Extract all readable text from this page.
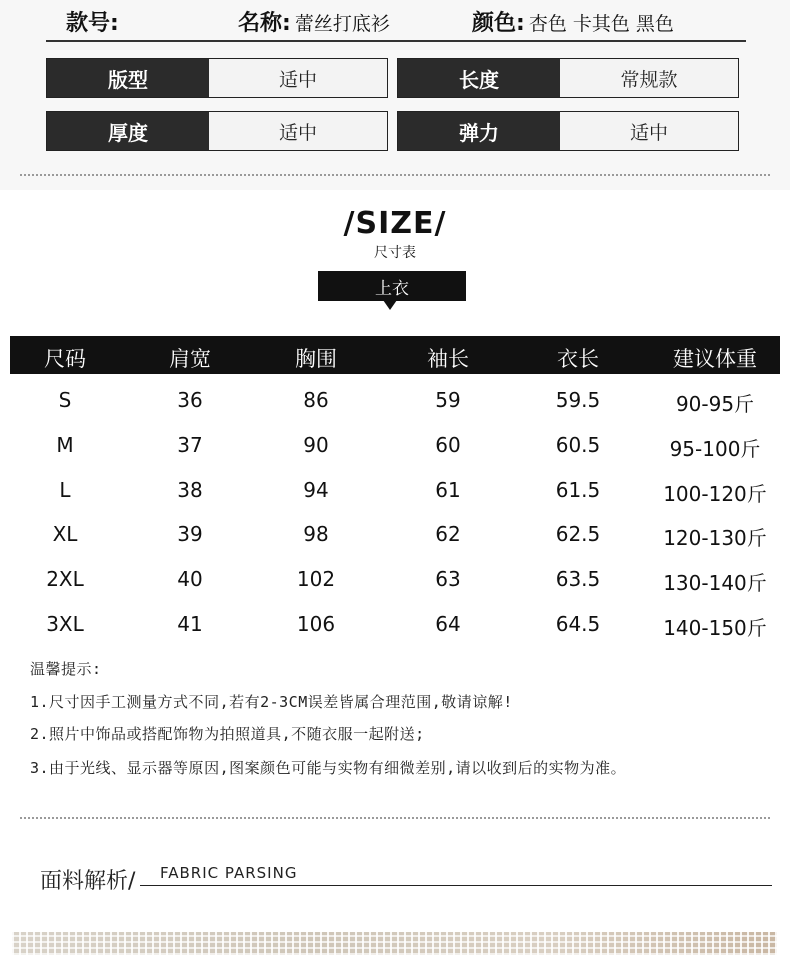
款号:	名称: 蕾丝打底衫	颜色: 杏色 卡其色 黑色
版型	适中	长度	常规款
厚度	适中	弹力	适中
/SIZE/
尺寸表
上衣
尺码	肩宽	胸围	袖长	衣长	建议体重
S	36	86	59	59.5	90-95斤
M	37	90	60	60.5	95-100斤
L	38	94	61	61.5	100-120斤
XL	39	98	62	62.5	120-130斤
2XL	40	102	63	63.5	130-140斤
3XL	41	106	64	64.5	140-150斤
温馨提示:
1.尺寸因手工测量方式不同,若有2-3CM误差皆属合理范围,敬请谅解!
2.照片中饰品或搭配饰物为拍照道具,不随衣服一起附送;
3.由于光线、显示器等原因,图案颜色可能与实物有细微差别,请以收到后的实物为准。
面料解析/ FABRIC PARSING
